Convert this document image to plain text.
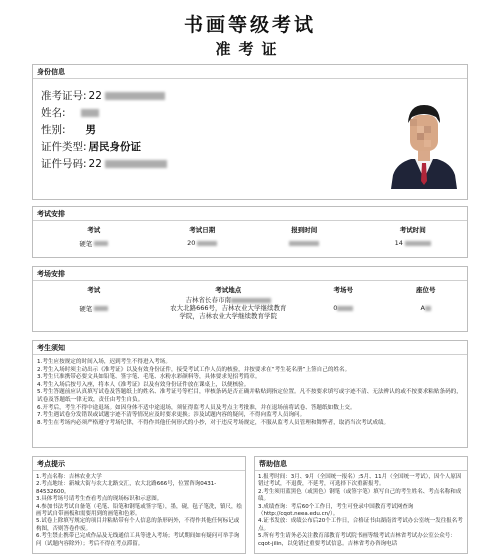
书画等级考试
准考证
身份信息
准考证号: 22
姓名:
性别: 男
证件类型: 居民身份证
证件号码: 22
考试安排
考试	考试日期	报到时间	考试时间
硬笔	20		14
考场安排
考试	考试地点	考场号	座位号
硬笔	吉林省长春市南
农大北路666号，吉林农业大学继续教育
学院，吉林农业大学继续教育学院	0	A
考生须知
1.考生应按规定的时间入场，迟到考生不得进入考场。
2.考生入场时须主动出示《准考证》以及有效身份证件，接受考试工作人员的核验，并按要求在“考生花名册”上签自己的姓名。
3.考生只准携带必要文具如铅笔、签字笔、毛笔、水粉水彩颜料等，具体要求见招考简章。
4.考生入场后按号入座，将本人《准考证》以及有效身份证件放在课桌上，以便核验。
5.考生答题前应认真填写试卷及答题纸上的姓名、准考证号等栏目，审核条码是否正确并粘贴到指定位置。凡不按要求填写或字迹不清、无法辨认的或不按要求粘贴条码的，试卷及答题纸一律无效，责任由考生自负。
6.开考后，考生不得中途退场。如因身体不适中途退场，须征得监考人员及考点主考批准，并在退场前将试卷、答题纸如数上交。
7.考生遇试卷分发错误或试题字迹不清等情况应及时要求更换；涉及试题内容的疑问，不得向监考人员询问。
8.考生在考场内必须严格遵守考场纪律，不得作其他任何形式的小抄，对于违反考场规定，不服从监考人员管理和舞弊者，取消当次考试成绩。
考点提示
1.考点名称：吉林农业大学
2.考点地址：新城大街与农大北路交汇，农大北路666号，位置咨询0431-84532600。
3.具体考场号请考生查看考点的现场标识和示意图。
4.参加书法考试自备笔（毛笔、铅笔和钢笔或签字笔），墨，砚，毡子笔洗，镇尺，绘画考试自带画板和需要用到的画笔和色彩。
5.试卷上除填写规定的项目并粘贴带有个人信息的条形码外，不得作其他任何标记或构图，否则答卷作废。
6.考生禁止携带已完成作品及无线通信工具等进入考场；考试期间如有疑问可举手询问（试题内容除外）；考后不得在考点滞留。
帮助信息
1.报考时间：3月、9月（全国统一报名）;5月、11月（全国统一考试），因个人原因错过考试，不退费，不延考，可选择下次重新报考。
2.考生须用蓝黑色（或黑色）钢笔（或签字笔）填写自己的考生姓名、考点名称和成绩。
3.成绩查询：考后60个工作日，考生可登录中国教育考试网查询（http://cqot.neea.edu.cn/）。
4.证书发放：成绩公布后20个工作日，合格证书由湖南省考试办公室统一发往报名考点。
5.所有考生请务必关注教育部教育考试院书画等级考试吉林省考试办公室公众号：cqot-jilin，以免错过重要考试信息。吉林省考办咨询电话
